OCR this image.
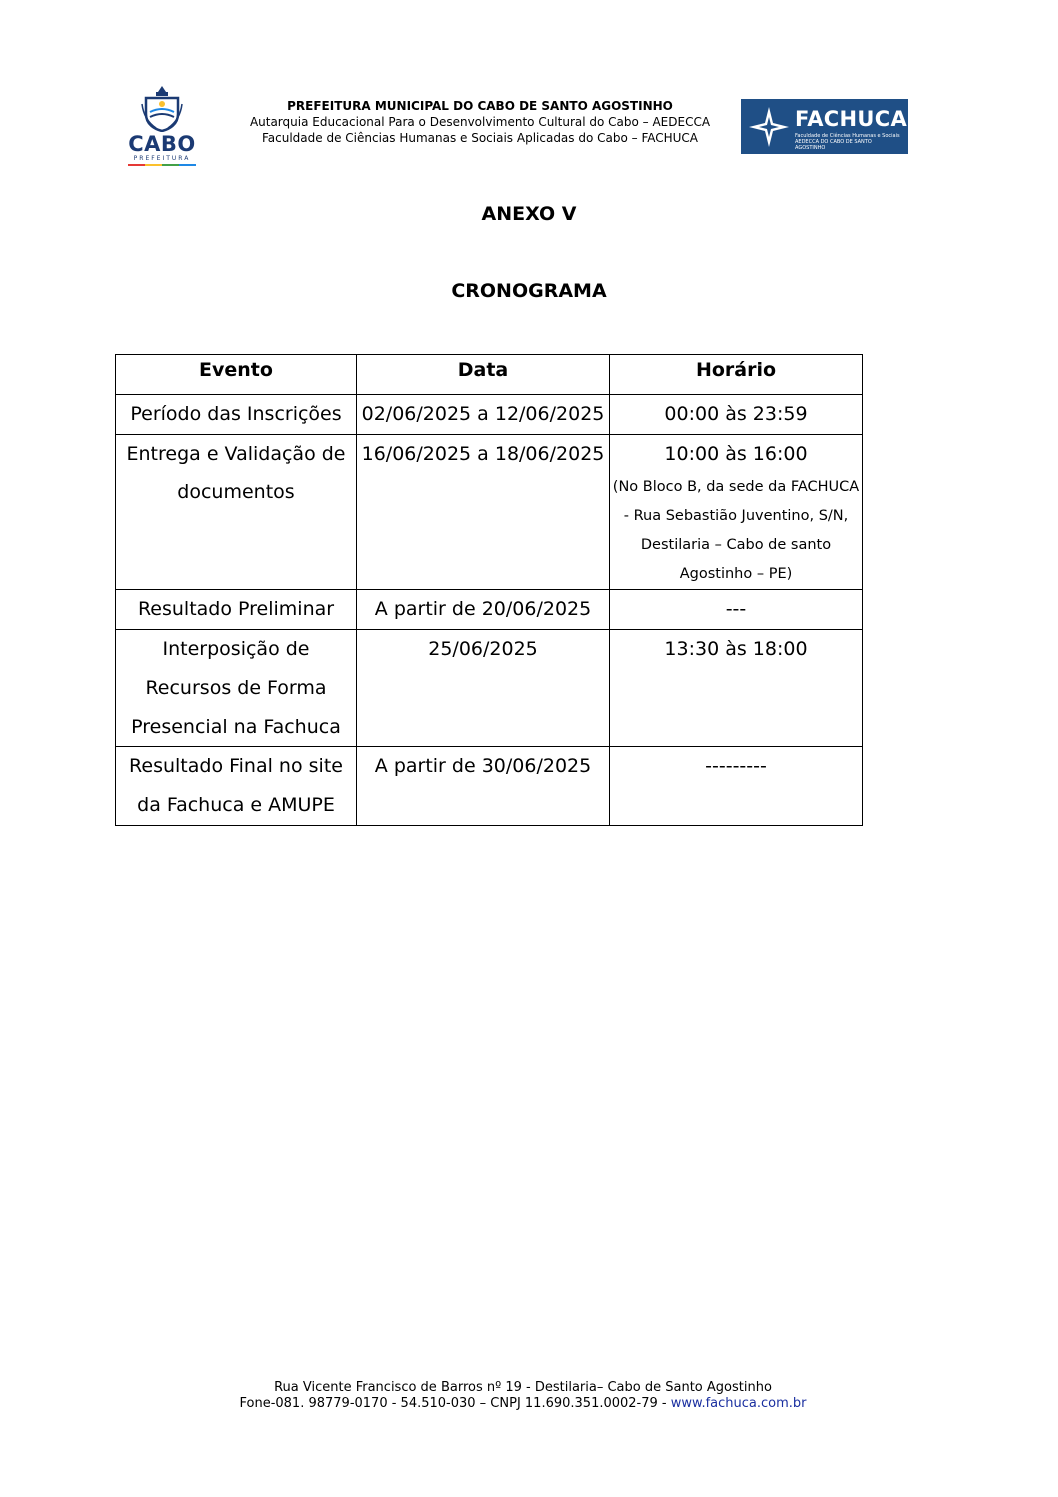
CABO
PREFEITURA
PREFEITURA MUNICIPAL DO CABO DE SANTO AGOSTINHO
Autarquia Educacional Para o Desenvolvimento Cultural do Cabo – AEDECCA
Faculdade de Ciências Humanas e Sociais Aplicadas do Cabo – FACHUCA
FACHUCA
Faculdade de Ciências Humanas e Sociais AEDECCA DO CABO DE SANTO AGOSTINHO
ANEXO V
CRONOGRAMA
Evento	Data	Horário

Período das Inscrições	02/06/2025 a 12/06/2025	00:00 às 23:59

Entrega e Validação de
documentos	16/06/2025 a 18/06/2025	10:00 às 16:00
(No Bloco B, da sede da FACHUCA
- Rua Sebastião Juventino, S/N,
Destilaria – Cabo de santo
Agostinho – PE)

Resultado Preliminar	A partir de 20/06/2025	---

Interposição de
Recursos de Forma
Presencial na Fachuca	25/06/2025	13:30 às 18:00

Resultado Final no site
da Fachuca e AMUPE	A partir de 30/06/2025	---------
Rua Vicente Francisco de Barros nº 19 - Destilaria– Cabo de Santo Agostinho
Fone-081. 98779-0170 - 54.510-030 – CNPJ 11.690.351.0002-79 - www.fachuca.com.br
